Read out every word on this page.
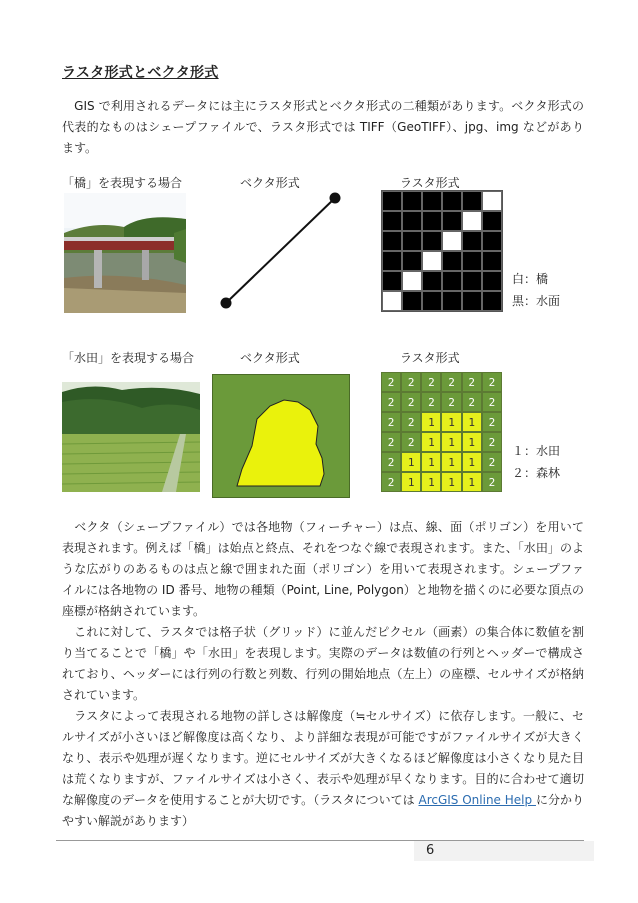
ラスタ形式とベクタ形式
　GIS で利用されるデータには主にラスタ形式とベクタ形式の二種類があります。ベクタ形式の代表的なものはシェープファイルで、ラスタ形式では TIFF（GeoTIFF）、jpg、img などがあります。
「橋」を表現する場合	ベクタ形式	ラスタ形式
白：橋
黒：水面
「水田」を表現する場合	ベクタ形式	ラスタ形式
2	2	2	2	2	2
2	2	2	2	2	2
2	2	1	1	1	2
2	2	1	1	1	2
2	1	1	1	1	2
2	1	1	1	1	2
１：水田
２：森林
　ベクタ（シェープファイル）では各地物（フィーチャー）は点、線、面（ポリゴン）を用いて表現されます。例えば「橋」は始点と終点、それをつなぐ線で表現されます。また、「水田」のような広がりのあるものは点と線で囲まれた面（ポリゴン）を用いて表現されます。シェープファイルには各地物の ID 番号、地物の種類（Point, Line, Polygon）と地物を描くのに必要な頂点の座標が格納されています。
　これに対して、ラスタでは格子状（グリッド）に並んだピクセル（画素）の集合体に数値を割り当てることで「橋」や「水田」を表現します。実際のデータは数値の行列とヘッダーで構成されており、ヘッダーには行列の行数と列数、行列の開始地点（左上）の座標、セルサイズが格納されています。
　ラスタによって表現される地物の詳しさは解像度（≒セルサイズ）に依存します。一般に、セルサイズが小さいほど解像度は高くなり、より詳細な表現が可能ですがファイルサイズが大きくなり、表示や処理が遅くなります。逆にセルサイズが大きくなるほど解像度は小さくなり見た目は荒くなりますが、ファイルサイズは小さく、表示や処理が早くなります。目的に合わせて適切な解像度のデータを使用することが大切です。（ラスタについては ArcGIS Online Help に分かりやすい解説があります）
6
